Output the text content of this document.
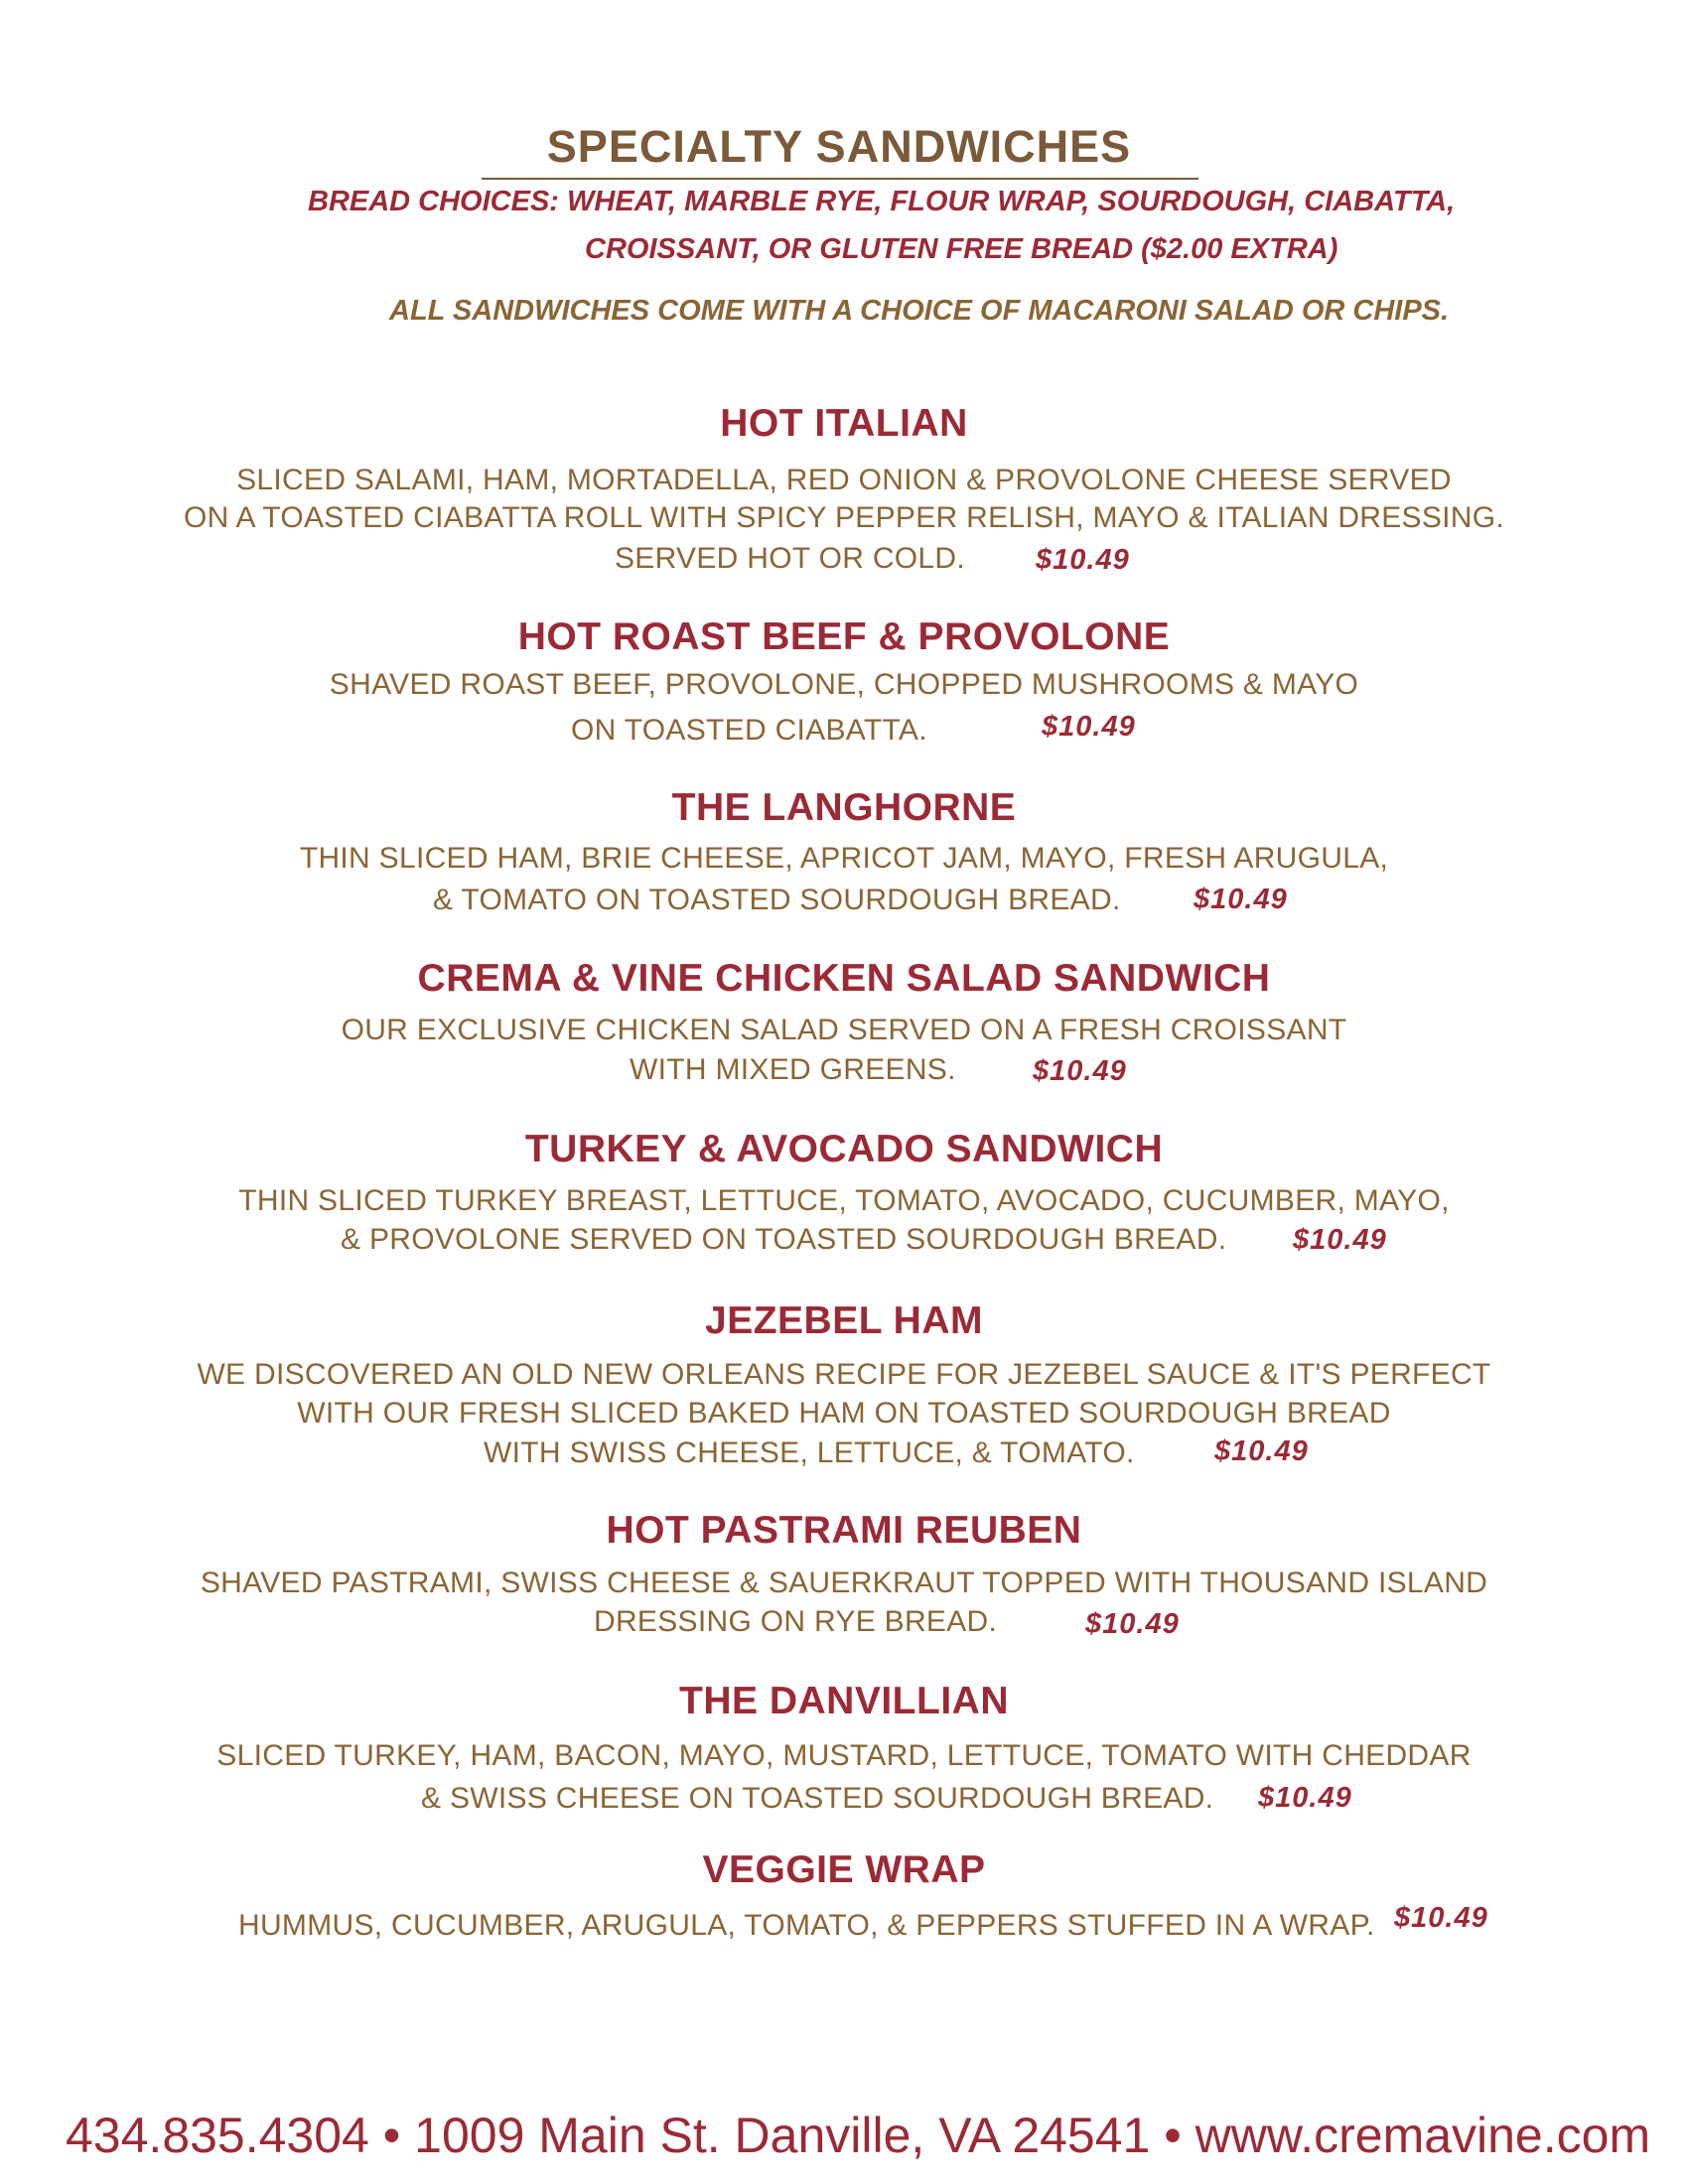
SPECIALTY SANDWICHES
BREAD CHOICES: WHEAT, MARBLE RYE, FLOUR WRAP, SOURDOUGH, CIABATTA,
CROISSANT, OR GLUTEN FREE BREAD ($2.00 EXTRA)
ALL SANDWICHES COME WITH A CHOICE OF MACARONI SALAD OR CHIPS.
HOT ITALIAN
SLICED SALAMI, HAM, MORTADELLA, RED ONION & PROVOLONE CHEESE SERVED
ON A TOASTED CIABATTA ROLL WITH SPICY PEPPER RELISH, MAYO & ITALIAN DRESSING.
SERVED HOT OR COLD. $10.49
HOT ROAST BEEF & PROVOLONE
SHAVED ROAST BEEF, PROVOLONE, CHOPPED MUSHROOMS & MAYO
ON TOASTED CIABATTA.	$10.49
THE LANGHORNE
THIN SLICED HAM, BRIE CHEESE, APRICOT JAM, MAYO, FRESH ARUGULA,
& TOMATO ON TOASTED SOURDOUGH BREAD.	$10.49
CREMA & VINE CHICKEN SALAD SANDWICH
OUR EXCLUSIVE CHICKEN SALAD SERVED ON A FRESH CROISSANT
WITH MIXED GREENS.	$10.49
TURKEY & AVOCADO SANDWICH
THIN SLICED TURKEY BREAST, LETTUCE, TOMATO, AVOCADO, CUCUMBER, MAYO,
& PROVOLONE SERVED ON TOASTED SOURDOUGH BREAD. $10.49
JEZEBEL HAM
WE DISCOVERED AN OLD NEW ORLEANS RECIPE FOR JEZEBEL SAUCE & IT'S PERFECT
WITH OUR FRESH SLICED BAKED HAM ON TOASTED SOURDOUGH BREAD
WITH SWISS CHEESE, LETTUCE, & TOMATO.	$10.49
HOT PASTRAMI REUBEN
SHAVED PASTRAMI, SWISS CHEESE & SAUERKRAUT TOPPED WITH THOUSAND ISLAND
DRESSING ON RYE BREAD.	$10.49
THE DANVILLIAN
SLICED TURKEY, HAM, BACON, MAYO, MUSTARD, LETTUCE, TOMATO WITH CHEDDAR
& SWISS CHEESE ON TOASTED SOURDOUGH BREAD. $10.49
VEGGIE WRAP
HUMMUS, CUCUMBER, ARUGULA, TOMATO, & PEPPERS STUFFED IN A WRAP. $10.49
434.835.4304 • 1009 Main St. Danville, VA 24541 • www.cremavine.com
